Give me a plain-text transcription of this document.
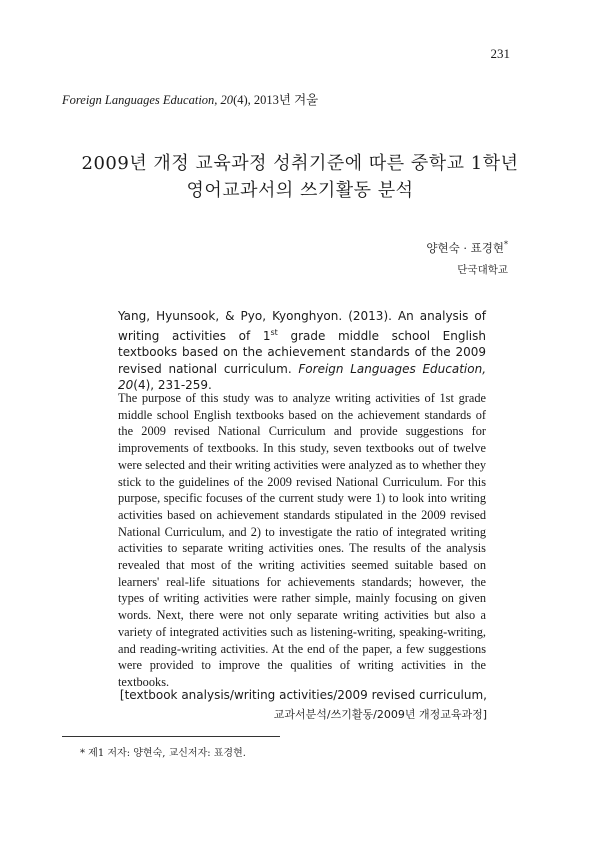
231
Foreign Languages Education, 20(4), 2013년 겨울
2009년 개정 교육과정 성취기준에 따른 중학교 1학년
영어교과서의 쓰기활동 분석
양현숙 · 표경현*
단국대학교
Yang, Hyunsook, & Pyo, Kyonghyon. (2013). An analysis of writing activities of 1st grade middle school English textbooks based on the achievement standards of the 2009 revised national curriculum. Foreign Languages Education, 20(4), 231-259.
The purpose of this study was to analyze writing activities of 1st grade middle school English textbooks based on the achievement standards of the 2009 revised National Curriculum and provide suggestions for improvements of textbooks. In this study, seven textbooks out of twelve were selected and their writing activities were analyzed as to whether they stick to the guidelines of the 2009 revised National Curriculum. For this purpose, specific focuses of the current study were 1) to look into writing activities based on achievement standards stipulated in the 2009 revised National Curriculum, and 2) to investigate the ratio of integrated writing activities to separate writing activities ones. The results of the analysis revealed that most of the writing activities seemed suitable based on learners' real-life situations for achievements standards; however, the types of writing activities were rather simple, mainly focusing on given words. Next, there were not only separate writing activities but also a variety of integrated activities such as listening-writing, speaking-writing, and reading-writing activities. At the end of the paper, a few suggestions were provided to improve the qualities of writing activities in the textbooks.
[textbook analysis/writing activities/2009 revised curriculum,
교과서분석/쓰기활동/2009년 개정교육과정]
* 제1 저자: 양현숙, 교신저자: 표경현.
